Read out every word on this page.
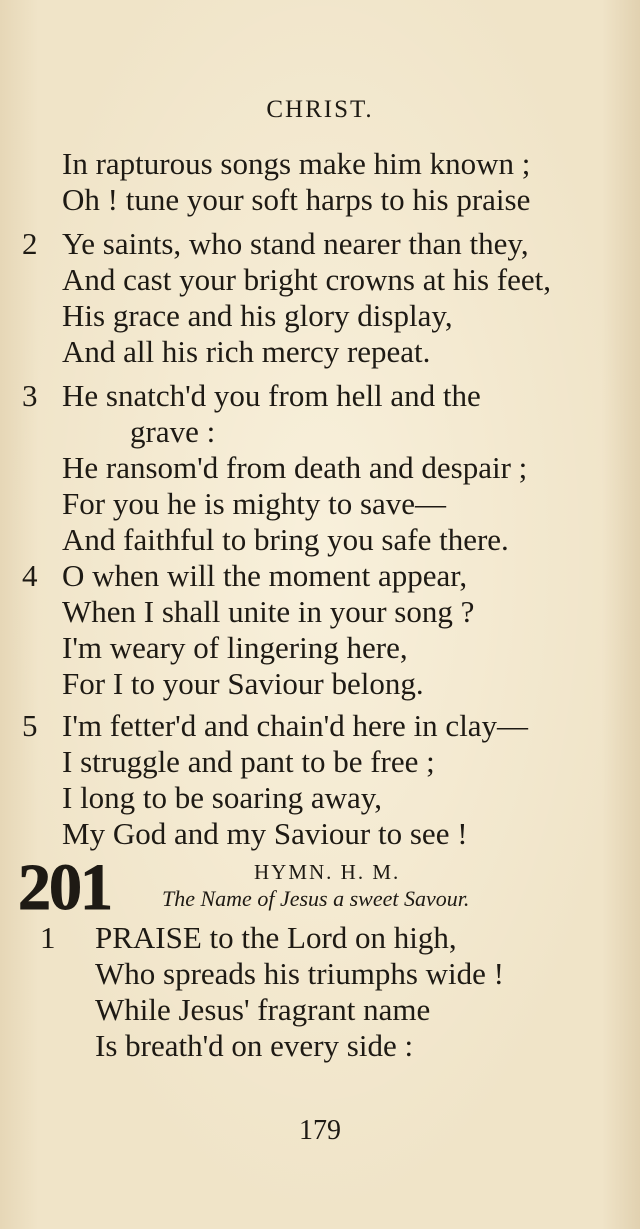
CHRIST.
In rapturous songs make him known ;
Oh ! tune your soft harps to his praise
2 Ye saints, who stand nearer than they,
And cast your bright crowns at his feet,
His grace and his glory display,
And all his rich mercy repeat.
3 He snatch'd you from hell and the
grave :
He ransom'd from death and despair ;
For you he is mighty to save—
And faithful to bring you safe there.
4 O when will the moment appear,
When I shall unite in your song ?
I'm weary of lingering here,
For I to your Saviour belong.
5 I'm fetter'd and chain'd here in clay—
I struggle and pant to be free ;
I long to be soaring away,
My God and my Saviour to see !
201	HYMN. H. M.
The Name of Jesus a sweet Savour.
1 PRAISE to the Lord on high,
Who spreads his triumphs wide !
While Jesus' fragrant name
Is breath'd on every side :
179
